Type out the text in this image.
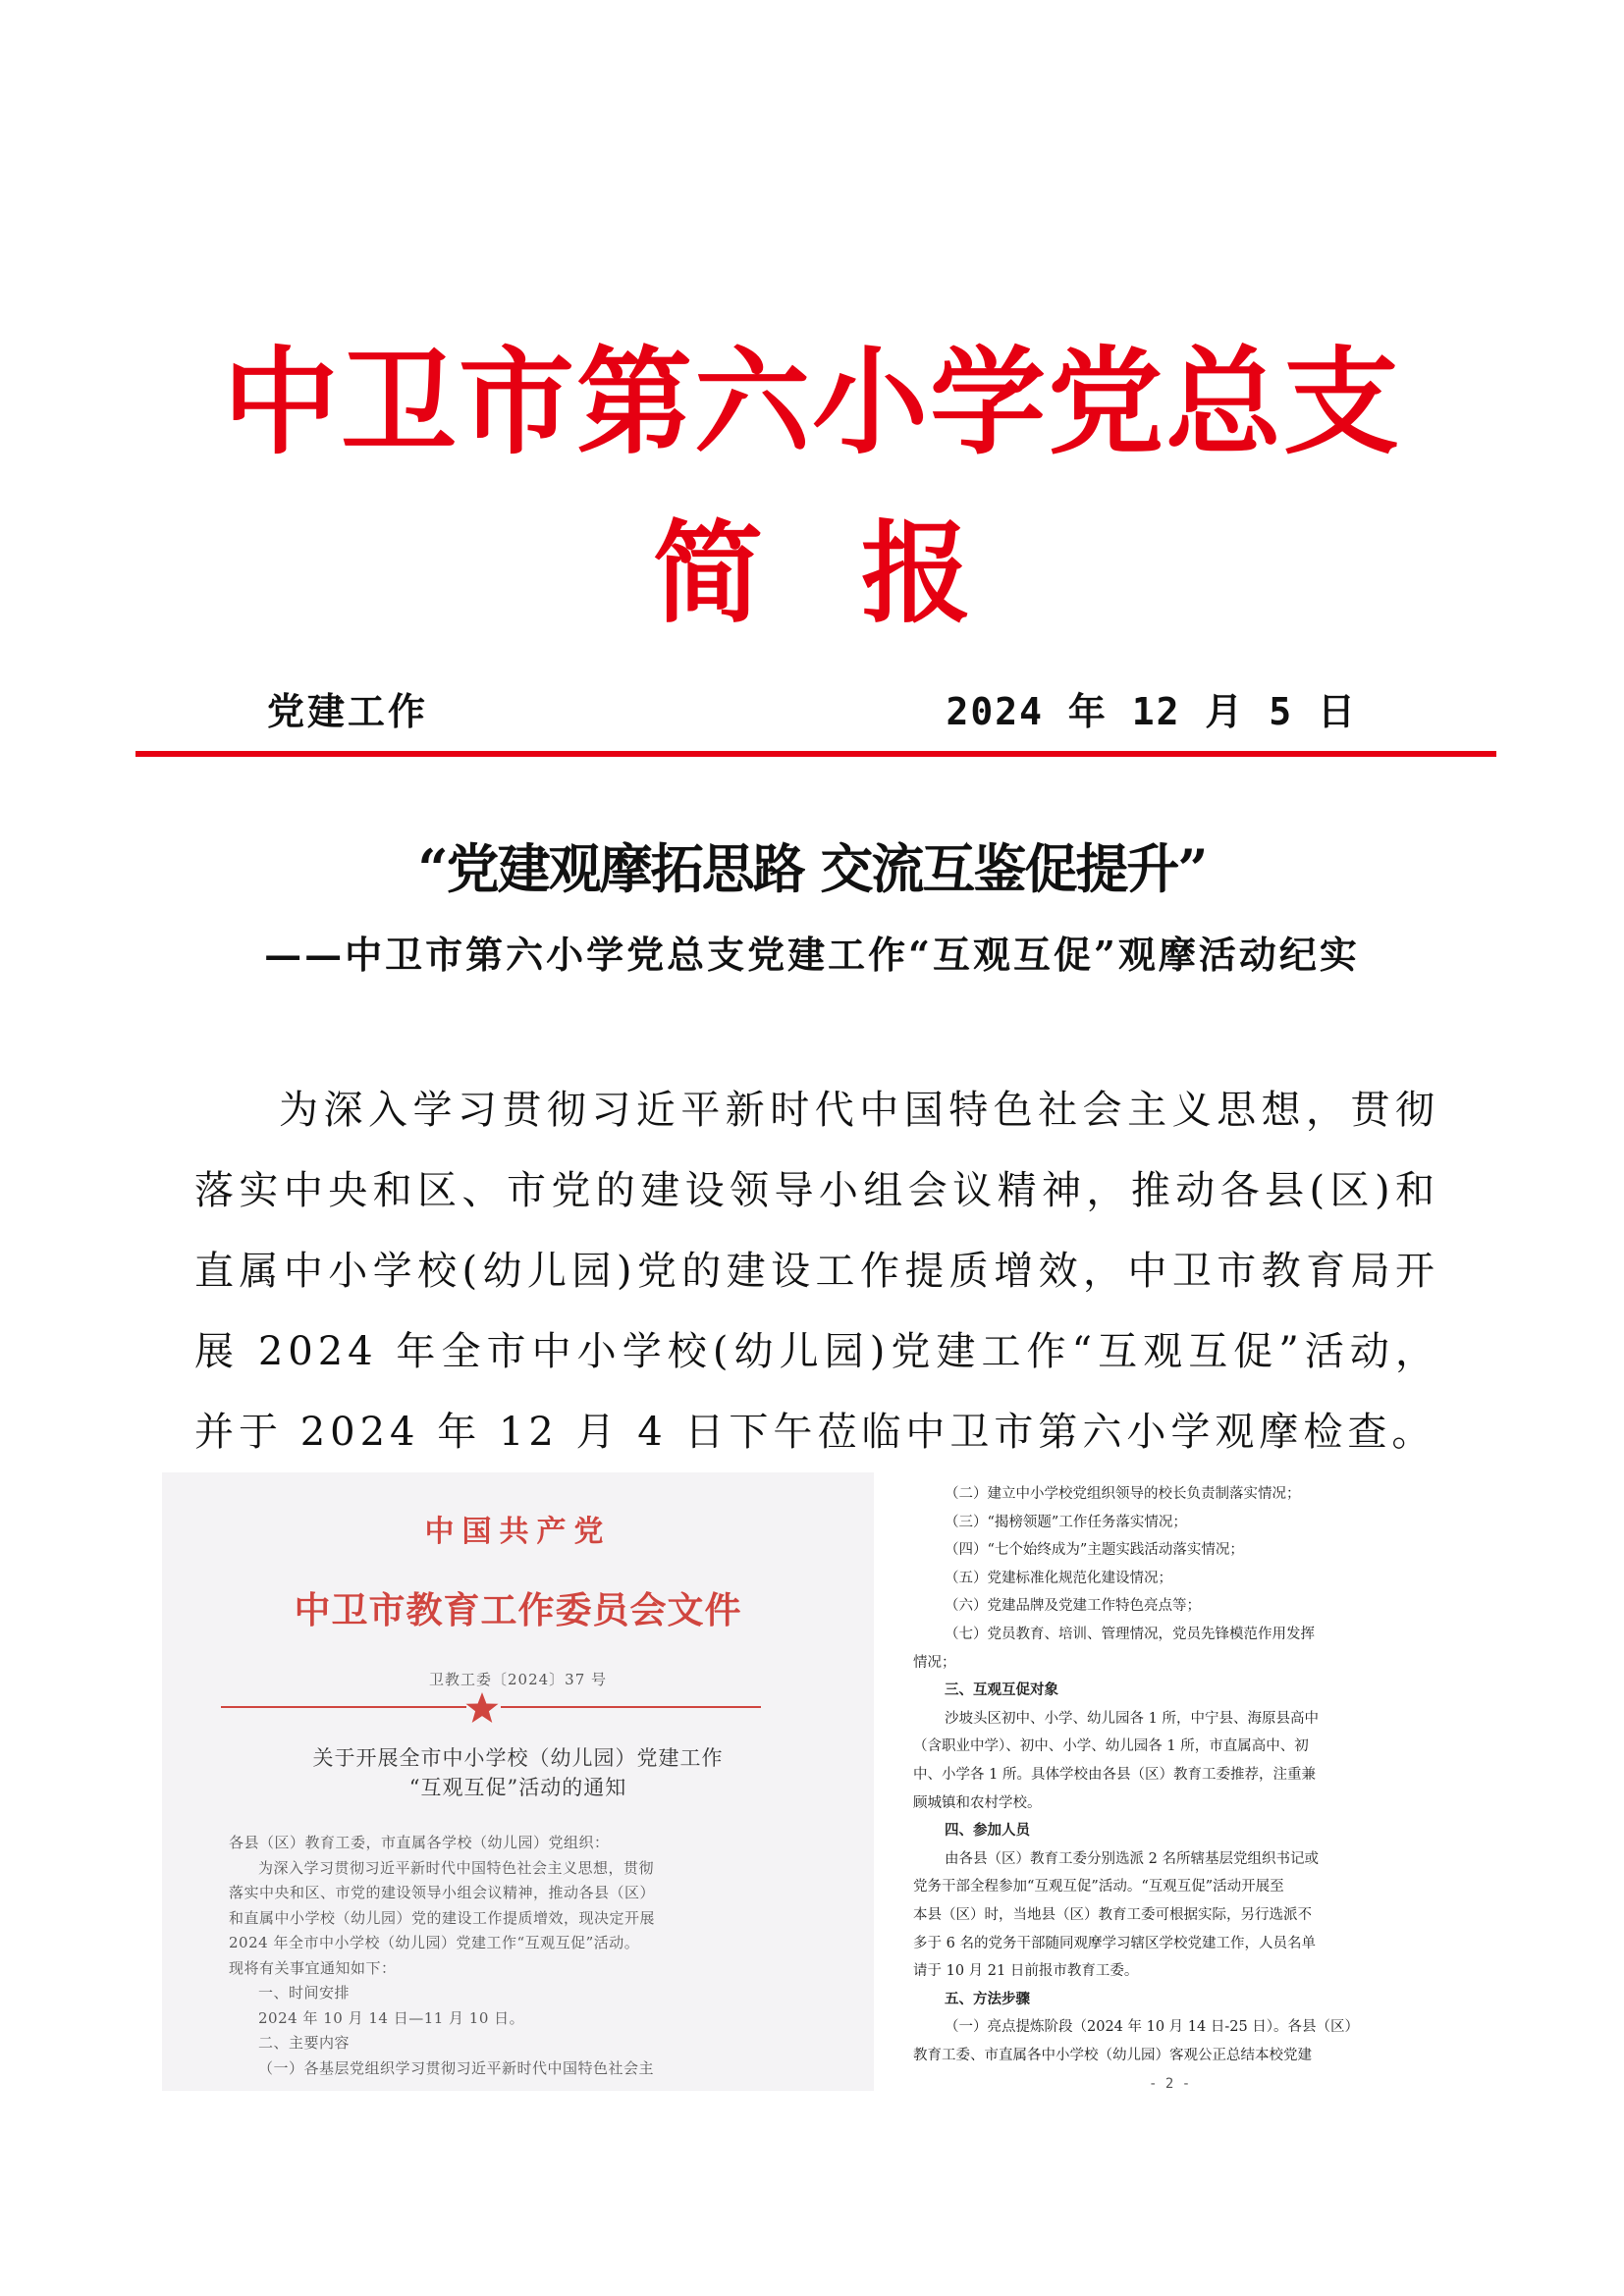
中卫市第六小学党总支
简报
党建工作	2024 年 12 月 5 日
“党建观摩拓思路 交流互鉴促提升”
——中卫市第六小学党总支党建工作“互观互促”观摩活动纪实

为深入学习贯彻习近平新时代中国特色社会主义思想，贯彻落实中央和区、市党的建设领导小组会议精神，推动各县(区)和直属中小学校(幼儿园)党的建设工作提质增效，中卫市教育局开展 2024 年全市中小学校(幼儿园)党建工作“互观互促”活动，并于 2024 年 12 月 4 日下午莅临中卫市第六小学观摩检查。

中国共产党
中卫市教育工作委员会文件
卫教工委〔2024〕37 号
关于开展全市中小学校（幼儿园）党建工作
“互观互促”活动的通知
各县（区）教育工委，市直属各学校（幼儿园）党组织：
为深入学习贯彻习近平新时代中国特色社会主义思想，贯彻
落实中央和区、市党的建设领导小组会议精神，推动各县（区）
和直属中小学校（幼儿园）党的建设工作提质增效，现决定开展
2024 年全市中小学校（幼儿园）党建工作“互观互促”活动。
现将有关事宜通知如下：
一、时间安排
2024 年 10 月 14 日—11 月 10 日。
二、主要内容
（一）各基层党组织学习贯彻习近平新时代中国特色社会主
（二）建立中小学校党组织领导的校长负责制落实情况；
（三）“揭榜领题”工作任务落实情况；
（四）“七个始终成为”主题实践活动落实情况；
（五）党建标准化规范化建设情况；
（六）党建品牌及党建工作特色亮点等；
（七）党员教育、培训、管理情况，党员先锋模范作用发挥
情况；
三、互观互促对象
沙坡头区初中、小学、幼儿园各 1 所，中宁县、海原县高中
（含职业中学）、初中、小学、幼儿园各 1 所，市直属高中、初
中、小学各 1 所。具体学校由各县（区）教育工委推荐，注重兼
顾城镇和农村学校。
四、参加人员
由各县（区）教育工委分别选派 2 名所辖基层党组织书记或
党务干部全程参加“互观互促”活动。“互观互促”活动开展至
本县（区）时，当地县（区）教育工委可根据实际，另行选派不
多于 6 名的党务干部随同观摩学习辖区学校党建工作，人员名单
请于 10 月 21 日前报市教育工委。
五、方法步骤
（一）亮点提炼阶段（2024 年 10 月 14 日-25 日）。各县（区）
教育工委、市直属各中小学校（幼儿园）客观公正总结本校党建
- 2 -
